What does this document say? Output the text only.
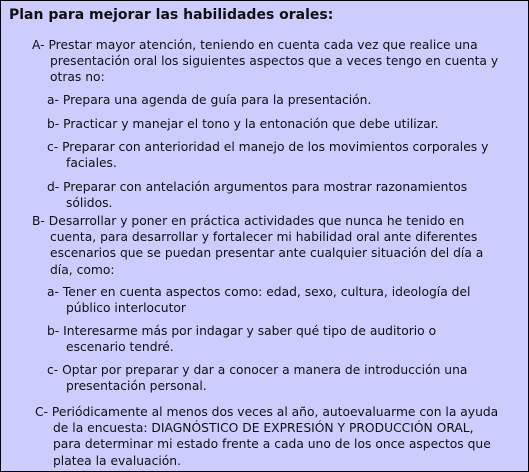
Plan para mejorar las habilidades orales:
A- Prestar mayor atención, teniendo en cuenta cada vez que realice una
presentación oral los siguientes aspectos que a veces tengo en cuenta y
otras no:
a- Prepara una agenda de guía para la presentación.
b- Practicar y manejar el tono y la entonación que debe utilizar.
c- Preparar con anterioridad el manejo de los movimientos corporales y
faciales.
d- Preparar con antelación argumentos para mostrar razonamientos
sólidos.
B- Desarrollar y poner en práctica actividades que nunca he tenido en
cuenta, para desarrollar y fortalecer mi habilidad oral ante diferentes
escenarios que se puedan presentar ante cualquier situación del día a
día, como:
a- Tener en cuenta aspectos como: edad, sexo, cultura, ideología del
público interlocutor
b- Interesarme más por indagar y saber qué tipo de auditorio o
escenario tendré.
c- Optar por preparar y dar a conocer a manera de introducción una
presentación personal.
C- Periódicamente al menos dos veces al año, autoevaluarme con la ayuda
de la encuesta: DIAGNÓSTICO DE EXPRESIÓN Y PRODUCCIÓN ORAL,
para determinar mi estado frente a cada uno de los once aspectos que
platea la evaluación.
